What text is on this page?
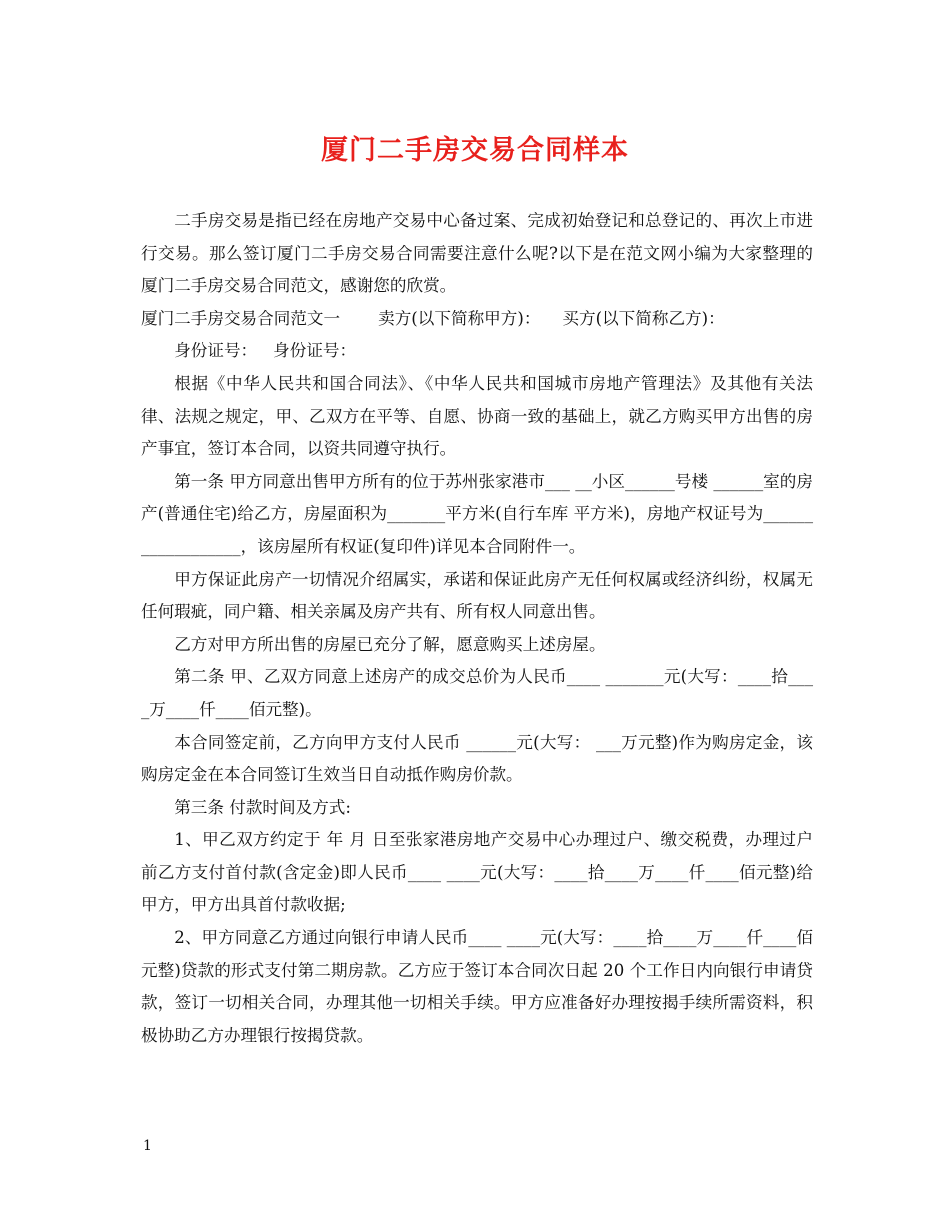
厦门二手房交易合同样本

二手房交易是指已经在房地产交易中心备过案、完成初始登记和总登记的、再次上市进行交易。那么签订厦门二手房交易合同需要注意什么呢?以下是在范文网小编为大家整理的厦门二手房交易合同范文，感谢您的欣赏。

厦门二手房交易合同范文一 卖方(以下简称甲方)： 买方(以下简称乙方)：

身份证号： 身份证号：

根据《中华人民共和国合同法》、《中华人民共和国城市房地产管理法》及其他有关法律、法规之规定，甲、乙双方在平等、自愿、协商一致的基础上，就乙方购买甲方出售的房产事宜，签订本合同，以资共同遵守执行。

第一条 甲方同意出售甲方所有的位于苏州张家港市___ __小区______号楼 ______室的房产(普通住宅)给乙方，房屋面积为_______平方米(自行车库 平方米)，房地产权证号为__________________，该房屋所有权证(复印件)详见本合同附件一。

甲方保证此房产一切情况介绍属实，承诺和保证此房产无任何权属或经济纠纷，权属无任何瑕疵，同户籍、相关亲属及房产共有、所有权人同意出售。

乙方对甲方所出售的房屋已充分了解，愿意购买上述房屋。

第二条 甲、乙双方同意上述房产的成交总价为人民币____ _______元(大写：____拾____万____仟____佰元整)。

本合同签定前，乙方向甲方支付人民币 ______元(大写： ___万元整)作为购房定金，该购房定金在本合同签订生效当日自动抵作购房价款。

第三条 付款时间及方式:

1、甲乙双方约定于 年 月 日至张家港房地产交易中心办理过户、缴交税费，办理过户前乙方支付首付款(含定金)即人民币____ ____元(大写：____拾____万____仟____佰元整)给甲方，甲方出具首付款收据;

2、甲方同意乙方通过向银行申请人民币____ ____元(大写：____拾____万____仟____佰元整)贷款的形式支付第二期房款。乙方应于签订本合同次日起 20 个工作日内向银行申请贷款，签订一切相关合同，办理其他一切相关手续。甲方应准备好办理按揭手续所需资料，积极协助乙方办理银行按揭贷款。

1
